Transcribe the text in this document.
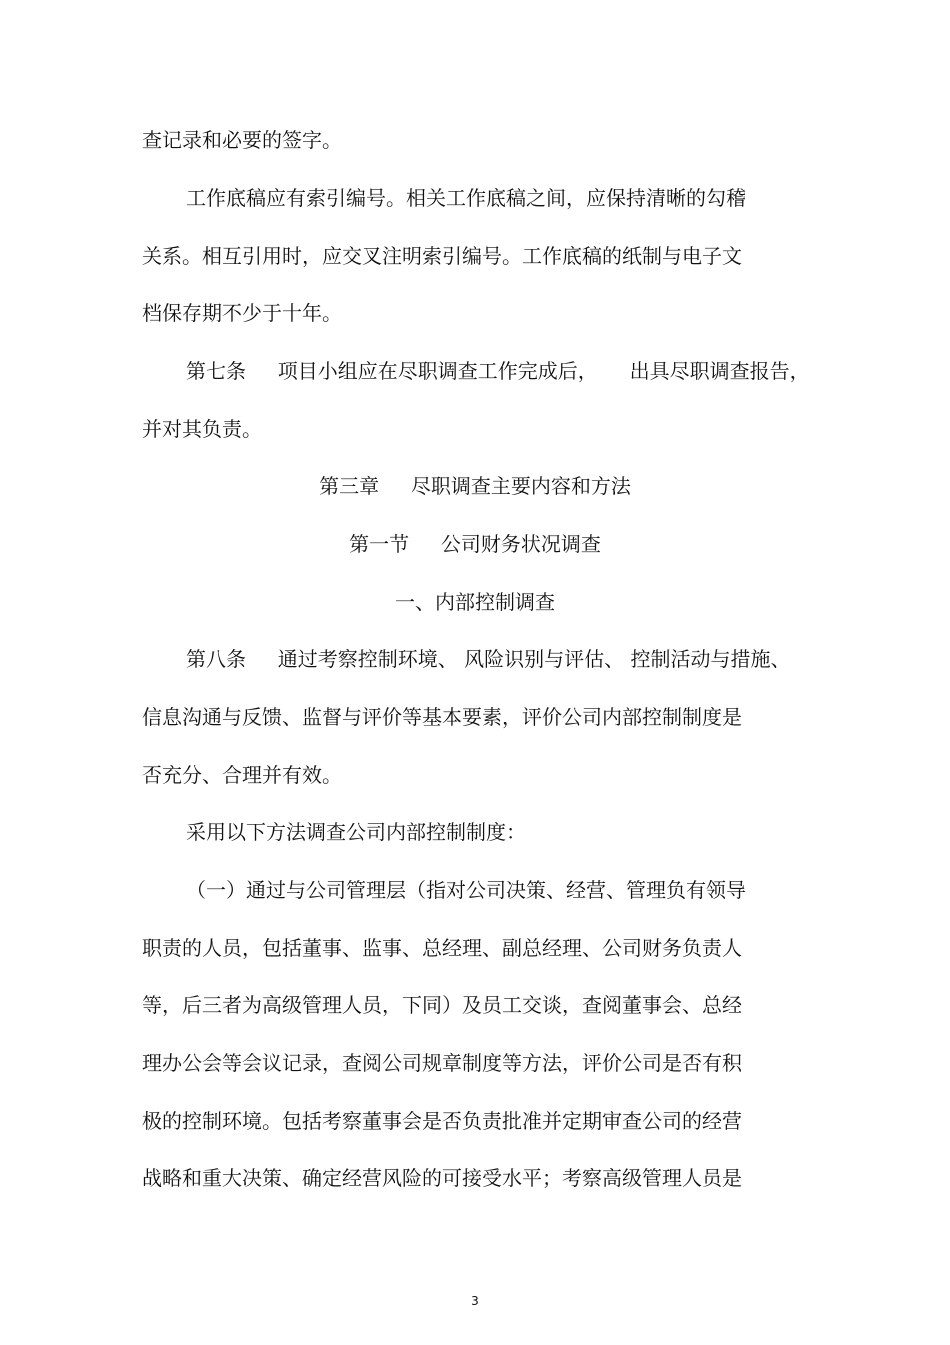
查记录和必要的签字。
工作底稿应有索引编号。相关工作底稿之间，应保持清晰的勾稽
关系。相互引用时，应交叉注明索引编号。工作底稿的纸制与电子文
档保存期不少于十年。
第七条     项目小组应在尽职调查工作完成后，     出具尽职调查报告，
并对其负责。
第三章     尽职调查主要内容和方法
第一节     公司财务状况调查
一、内部控制调查
第八条     通过考察控制环境、 风险识别与评估、 控制活动与措施、
信息沟通与反馈、监督与评价等基本要素，评价公司内部控制制度是
否充分、合理并有效。
采用以下方法调查公司内部控制制度：
（一）通过与公司管理层（指对公司决策、经营、管理负有领导
职责的人员，包括董事、监事、总经理、副总经理、公司财务负责人
等，后三者为高级管理人员，下同）及员工交谈，查阅董事会、总经
理办公会等会议记录，查阅公司规章制度等方法，评价公司是否有积
极的控制环境。包括考察董事会是否负责批准并定期审查公司的经营
战略和重大决策、确定经营风险的可接受水平；考察高级管理人员是
3
